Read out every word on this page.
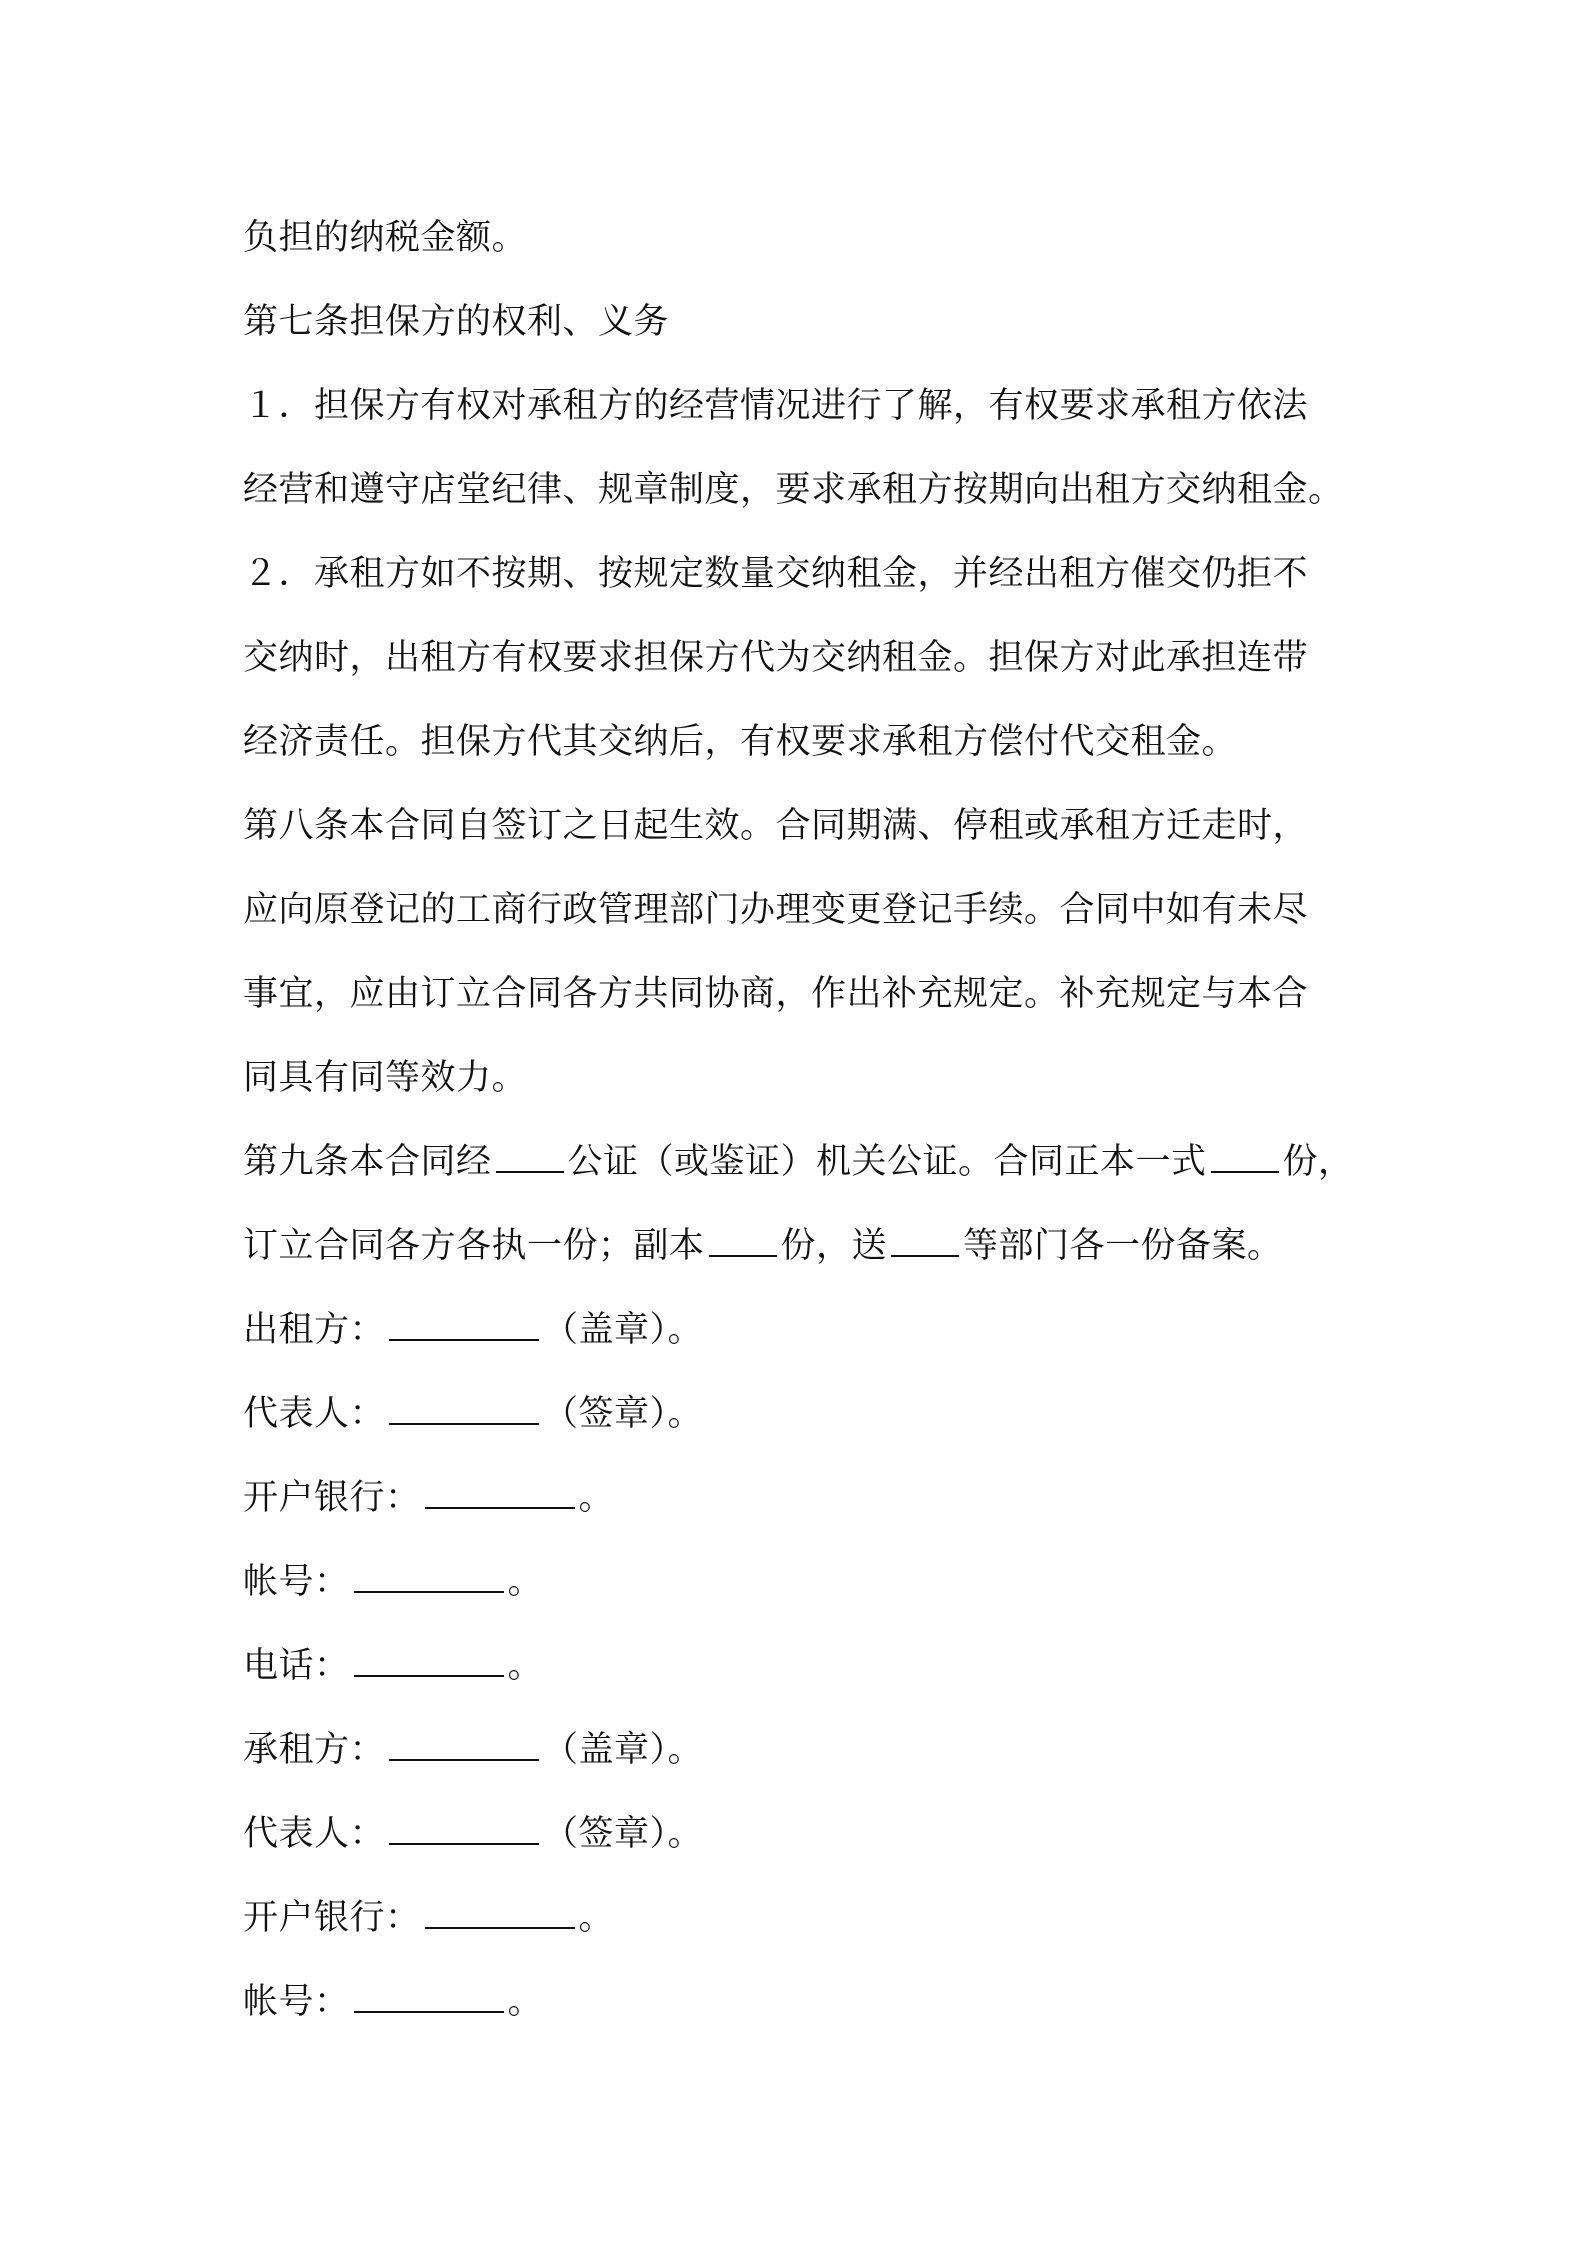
负担的纳税金额。
第七条担保方的权利、义务
１．担保方有权对承租方的经营情况进行了解，有权要求承租方依法
经营和遵守店堂纪律、规章制度，要求承租方按期向出租方交纳租金。
２．承租方如不按期、按规定数量交纳租金，并经出租方催交仍拒不
交纳时，出租方有权要求担保方代为交纳租金。担保方对此承担连带
经济责任。担保方代其交纳后，有权要求承租方偿付代交租金。
第八条本合同自签订之日起生效。合同期满、停租或承租方迁走时，
应向原登记的工商行政管理部门办理变更登记手续。合同中如有未尽
事宜，应由订立合同各方共同协商，作出补充规定。补充规定与本合
同具有同等效力。
第九条本合同经 公证（或鉴证）机关公证。合同正本一式 份，
订立合同各方各执一份；副本 份，送 等部门各一份备案。
出租方：	（盖章）。
代表人：	（签章）。
开户银行：	。
帐号：	。
电话：	。
承租方：	（盖章）。
代表人：	（签章）。
开户银行：	。
帐号：	。
